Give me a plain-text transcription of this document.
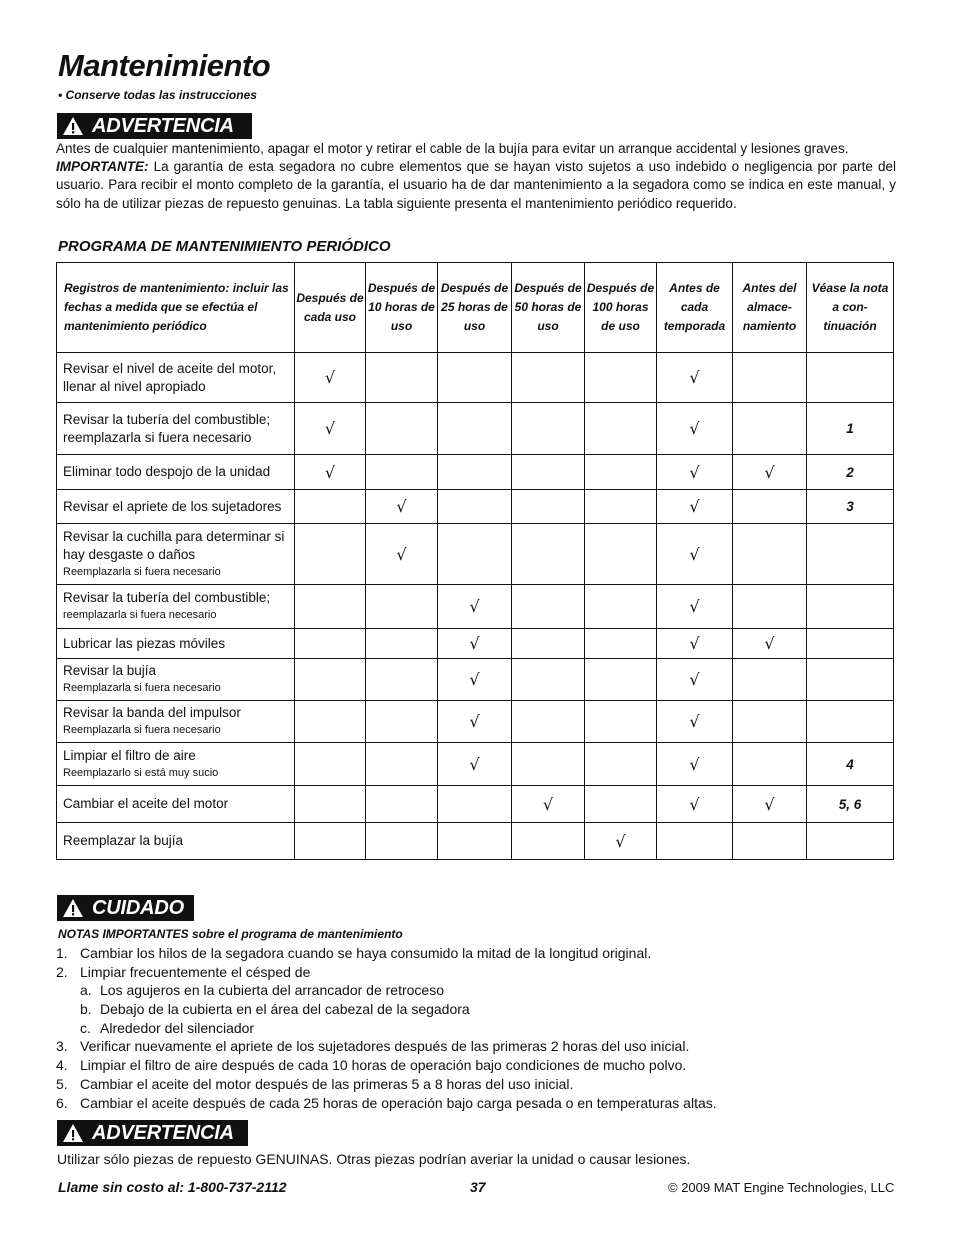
Mantenimiento
• Conserve todas las instrucciones
ADVERTENCIA
Antes de cualquier mantenimiento, apagar el motor y retirar el cable de la bujía para evitar un arranque accidental y lesiones graves.
IMPORTANTE: La garantía de esta segadora no cubre elementos que se hayan visto sujetos a uso indebido o negligencia por parte del usuario. Para recibir el monto completo de la garantía, el usuario ha de dar mantenimiento a la segadora como se indica en este manual, y sólo ha de utilizar piezas de repuesto genuinas. La tabla siguiente presenta el mantenimiento periódico requerido.
PROGRAMA DE MANTENIMIENTO PERIÓDICO
Registros de mantenimiento: incluir las fechas a medida que se efectúa el mantenimiento periódico	Después de cada uso	Después de 10 horas de uso	Después de 25 horas de uso	Después de 50 horas de uso	Después de 100 horas de uso	Antes de cada temporada	Antes del almace- namiento	Véase la nota a con- tinuación
Revisar el nivel de aceite del motor, llenar al nivel apropiado	√					√		
Revisar la tubería del combustible; reemplazarla si fuera necesario	√					√		1
Eliminar todo despojo de la unidad	√					√	√	2
Revisar el apriete de los sujetadores		√				√		3
Revisar la cuchilla para determinar si hay desgaste o daños
Reemplazarla si fuera necesario		√				√		
Revisar la tubería del combustible;
reemplazarla si fuera necesario			√			√		
Lubricar las piezas móviles			√			√	√	
Revisar la bujía
Reemplazarla si fuera necesario			√			√		
Revisar la banda del impulsor
Reemplazarla si fuera necesario			√			√		
Limpiar el filtro de aire
Reemplazarlo si está muy sucio			√			√		4
Cambiar el aceite del motor				√		√	√	5, 6
Reemplazar la bujía					√			
CUIDADO
NOTAS IMPORTANTES sobre el programa de mantenimiento
1. Cambiar los hilos de la segadora cuando se haya consumido la mitad de la longitud original.
2. Limpiar frecuentemente el césped de
a. Los agujeros en la cubierta del arrancador de retroceso
b. Debajo de la cubierta en el área del cabezal de la segadora
c. Alrededor del silenciador
3. Verificar nuevamente el apriete de los sujetadores después de las primeras 2 horas del uso inicial.
4. Limpiar el filtro de aire después de cada 10 horas de operación bajo condiciones de mucho polvo.
5. Cambiar el aceite del motor después de las primeras 5 a 8 horas del uso inicial.
6. Cambiar el aceite después de cada 25 horas de operación bajo carga pesada o en temperaturas altas.
ADVERTENCIA
Utilizar sólo piezas de repuesto GENUINAS. Otras piezas podrían averiar la unidad o causar lesiones.
Llame sin costo al: 1-800-737-2112	37	© 2009 MAT Engine Technologies, LLC
